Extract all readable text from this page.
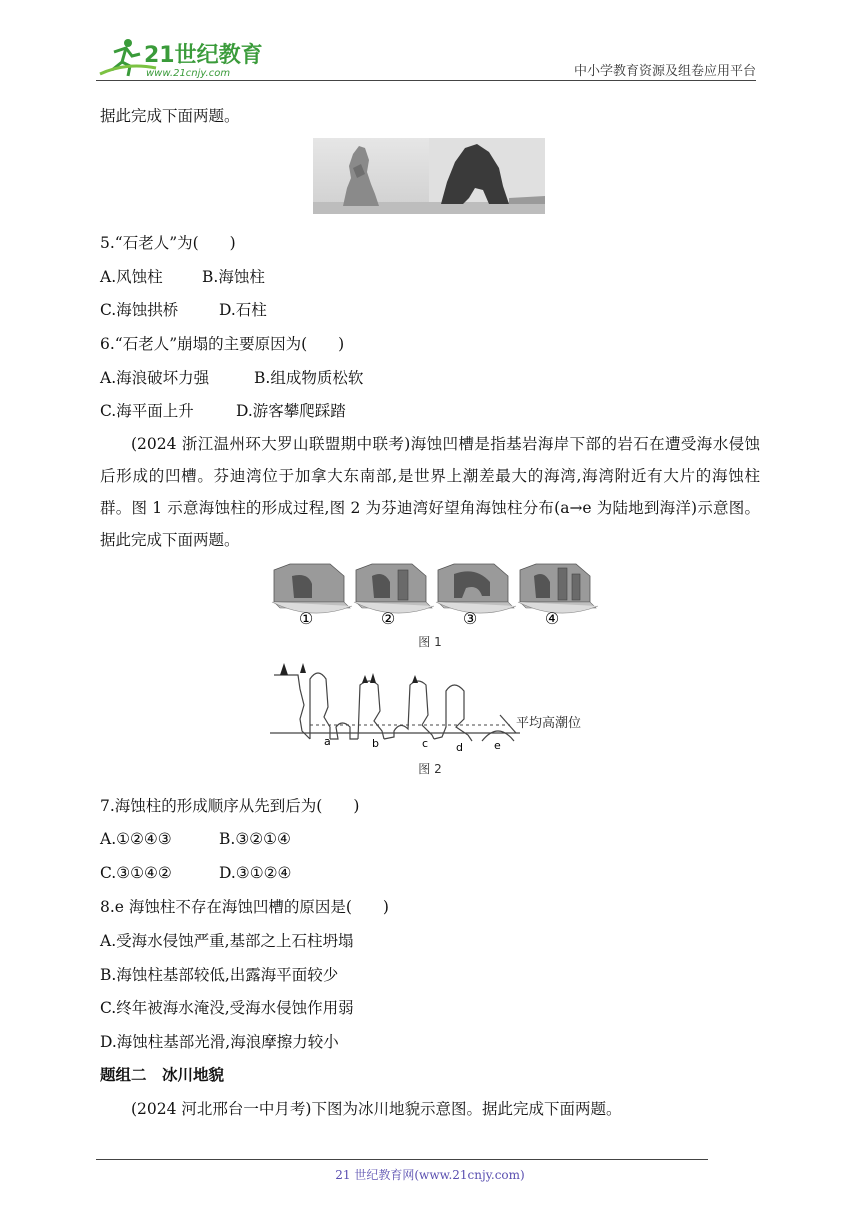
21世纪教育
www.21cnjy.com	中小学教育资源及组卷应用平台
据此完成下面两题。
5.“石老人”为(　　)
A.风蚀柱	B.海蚀柱
C.海蚀拱桥	D.石柱
6.“石老人”崩塌的主要原因为(　　)
A.海浪破坏力强	B.组成物质松软
C.海平面上升	D.游客攀爬踩踏
(2024 浙江温州环大罗山联盟期中联考)海蚀凹槽是指基岩海岸下部的岩石在遭受海水侵蚀后形成的凹槽。芬迪湾位于加拿大东南部,是世界上潮差最大的海湾,海湾附近有大片的海蚀柱群。图 1 示意海蚀柱的形成过程,图 2 为芬迪湾好望角海蚀柱分布(a→e 为陆地到海洋)示意图。据此完成下面两题。
①	②	③	④
图 1
平均高潮位
a	b	c	d	e
图 2
7.海蚀柱的形成顺序从先到后为(　　)
A.①②④③	B.③②①④
C.③①④②	D.③①②④
8.e 海蚀柱不存在海蚀凹槽的原因是(　　)
A.受海水侵蚀严重,基部之上石柱坍塌
B.海蚀柱基部较低,出露海平面较少
C.终年被海水淹没,受海水侵蚀作用弱
D.海蚀柱基部光滑,海浪摩擦力较小
题组二　冰川地貌
(2024 河北邢台一中月考)下图为冰川地貌示意图。据此完成下面两题。
21 世纪教育网(www.21cnjy.com)
